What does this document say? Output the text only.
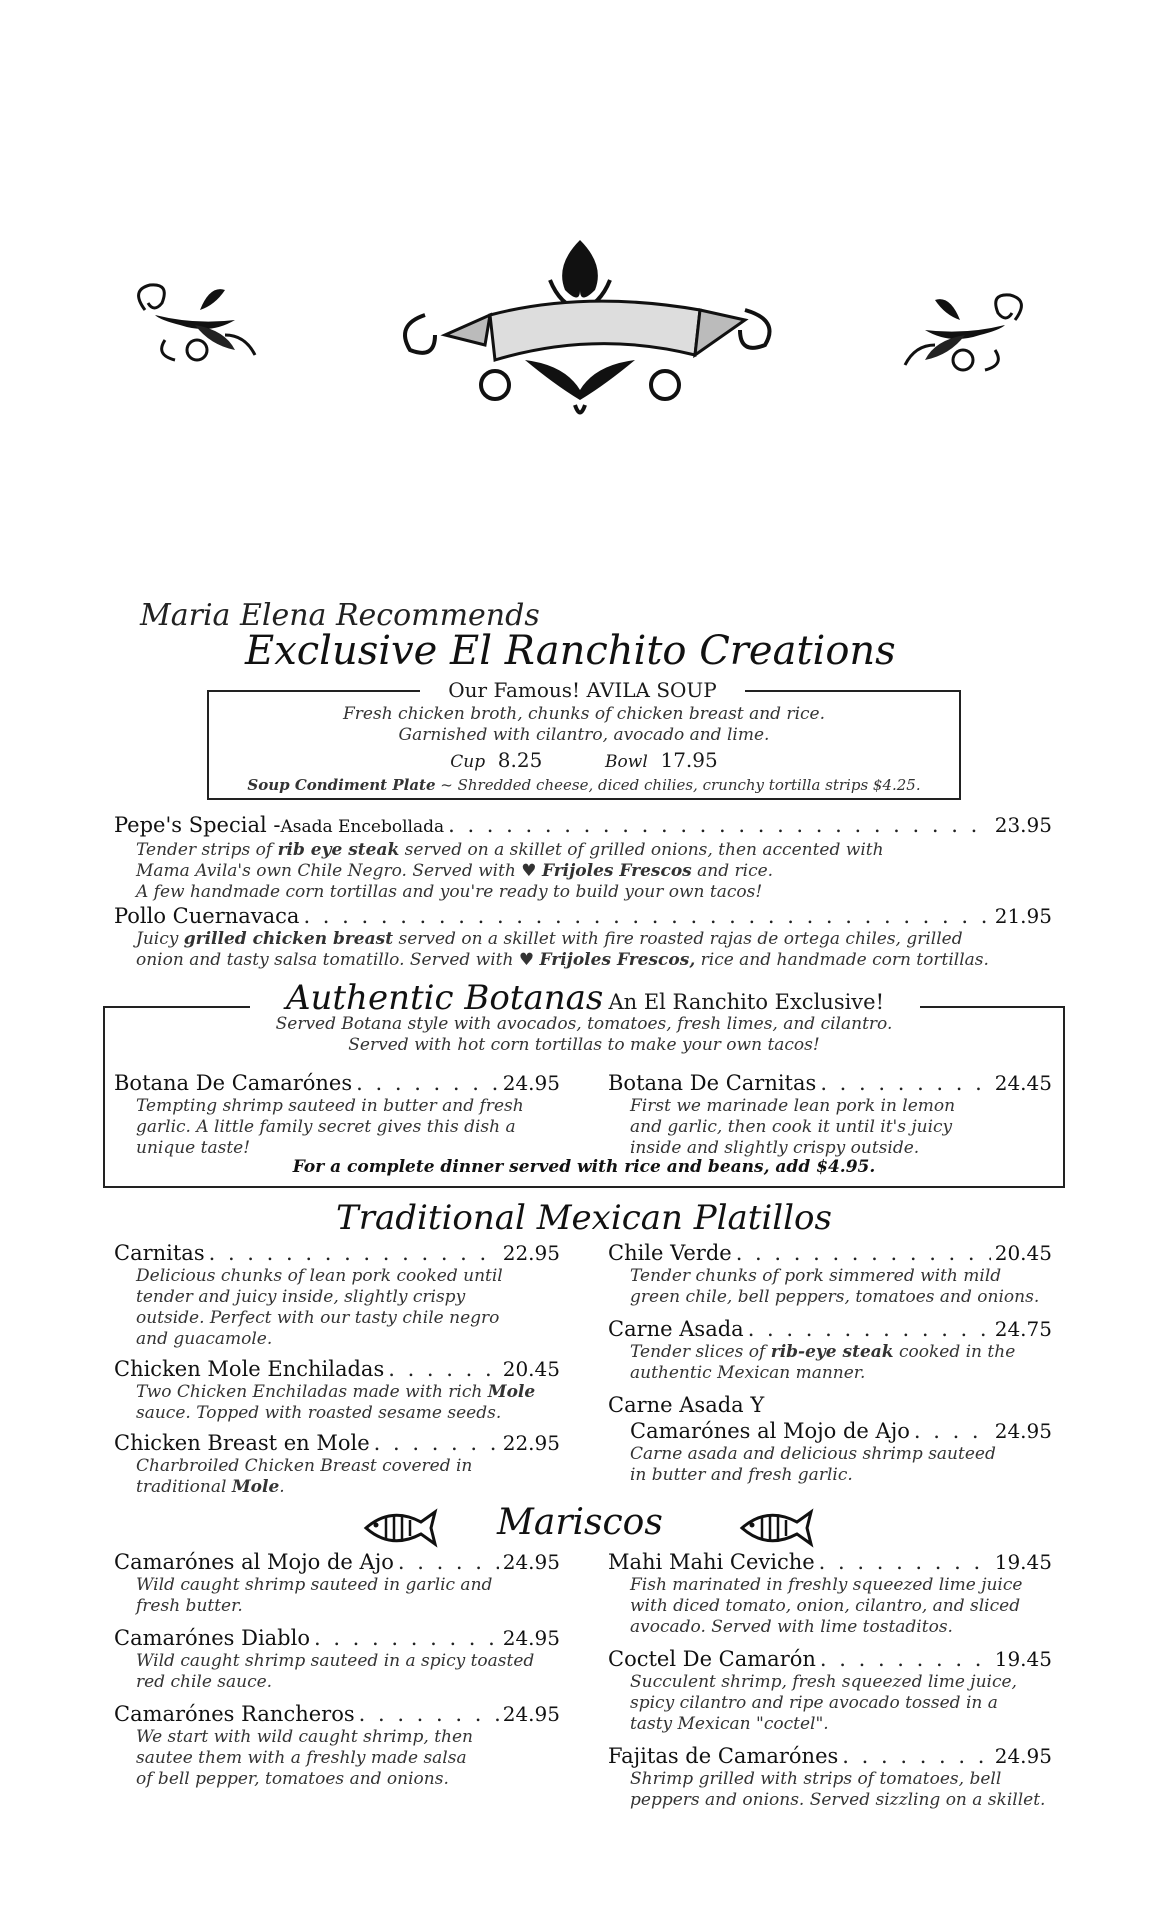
Maria Elena Recommends
Exclusive El Ranchito Creations
Our Famous! AVILA SOUP
Fresh chicken broth, chunks of chicken breast and rice.
Garnished with cilantro, avocado and lime.
Cup 8.25	Bowl 17.95
Soup Condiment Plate ~ Shredded cheese, diced chilies, crunchy tortilla strips $4.25.
Pepe's Special - Asada Encebollada . . .	23.95
Tender strips of rib eye steak served on a skillet of grilled onions, then accented with
Mama Avila's own Chile Negro. Served with ♥ Frijoles Frescos and rice.
A few handmade corn tortillas and you're ready to build your own tacos!
Pollo Cuernavaca . . .	21.95
Juicy grilled chicken breast served on a skillet with fire roasted rajas de ortega chiles, grilled
onion and tasty salsa tomatillo. Served with ♥ Frijoles Frescos, rice and handmade corn tortillas.
Authentic Botanas An El Ranchito Exclusive!
Served Botana style with avocados, tomatoes, fresh limes, and cilantro.
Served with hot corn tortillas to make your own tacos!
Botana De Camarónes . . .	24.95
Tempting shrimp sauteed in butter and fresh
garlic. A little family secret gives this dish a
unique taste!
Botana De Carnitas . . .	24.45
First we marinade lean pork in lemon
and garlic, then cook it until it's juicy
inside and slightly crispy outside.
For a complete dinner served with rice and beans, add $4.95.
Traditional Mexican Platillos
Carnitas . . .	22.95
Delicious chunks of lean pork cooked until
tender and juicy inside, slightly crispy
outside. Perfect with our tasty chile negro
and guacamole.
Chicken Mole Enchiladas . . .	20.45
Two Chicken Enchiladas made with rich Mole
sauce. Topped with roasted sesame seeds.
Chicken Breast en Mole . . .	22.95
Charbroiled Chicken Breast covered in
traditional Mole.
Chile Verde . . .	20.45
Tender chunks of pork simmered with mild
green chile, bell peppers, tomatoes and onions.
Carne Asada . . .	24.75
Tender slices of rib-eye steak cooked in the
authentic Mexican manner.
Carne Asada Y
Camarónes al Mojo de Ajo . . .	24.95
Carne asada and delicious shrimp sauteed
in butter and fresh garlic.
Mariscos
Camarónes al Mojo de Ajo . . .	24.95
Wild caught shrimp sauteed in garlic and
fresh butter.
Camarónes Diablo . . .	24.95
Wild caught shrimp sauteed in a spicy toasted
red chile sauce.
Camarónes Rancheros . . .	24.95
We start with wild caught shrimp, then
sautee them with a freshly made salsa
of bell pepper, tomatoes and onions.
Mahi Mahi Ceviche . . .	19.45
Fish marinated in freshly squeezed lime juice
with diced tomato, onion, cilantro, and sliced
avocado. Served with lime tostaditos.
Coctel De Camarón . . .	19.45
Succulent shrimp, fresh squeezed lime juice,
spicy cilantro and ripe avocado tossed in a
tasty Mexican "coctel".
Fajitas de Camarónes . . .	24.95
Shrimp grilled with strips of tomatoes, bell
peppers and onions. Served sizzling on a skillet.
